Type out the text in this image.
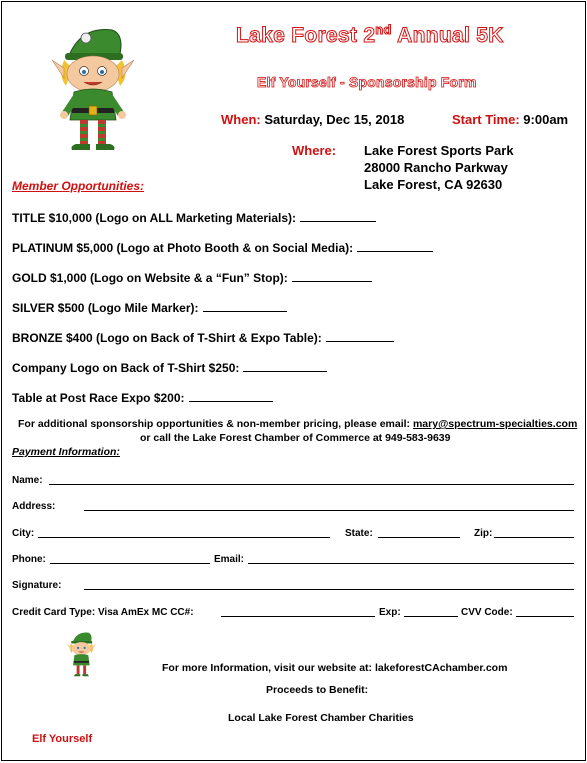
Lake Forest 2nd Annual 5K
Elf Yourself - Sponsorship Form
When: Saturday, Dec 15, 2018	Start Time: 9:00am
Where: Lake Forest Sports Park
28000 Rancho Parkway
Lake Forest, CA 92630
Member Opportunities:
TITLE $10,000 (Logo on ALL Marketing Materials):
PLATINUM $5,000 (Logo at Photo Booth & on Social Media):
GOLD $1,000 (Logo on Website & a “Fun” Stop):
SILVER $500 (Logo Mile Marker):
BRONZE $400 (Logo on Back of T-Shirt & Expo Table):
Company Logo on Back of T-Shirt $250:
Table at Post Race Expo $200:
For additional sponsorship opportunities & non-member pricing, please email: mary@spectrum-specialties.com
or call the Lake Forest Chamber of Commerce at 949-583-9639
Payment Information:
Name:
Address:
City:	State:	Zip:
Phone:	Email:
Signature:
Credit Card Type: Visa AmEx MC CC#:	Exp:	CVV Code:
For more Information, visit our website at: lakeforestCAchamber.com
Proceeds to Benefit:
Local Lake Forest Chamber Charities
Elf Yourself
